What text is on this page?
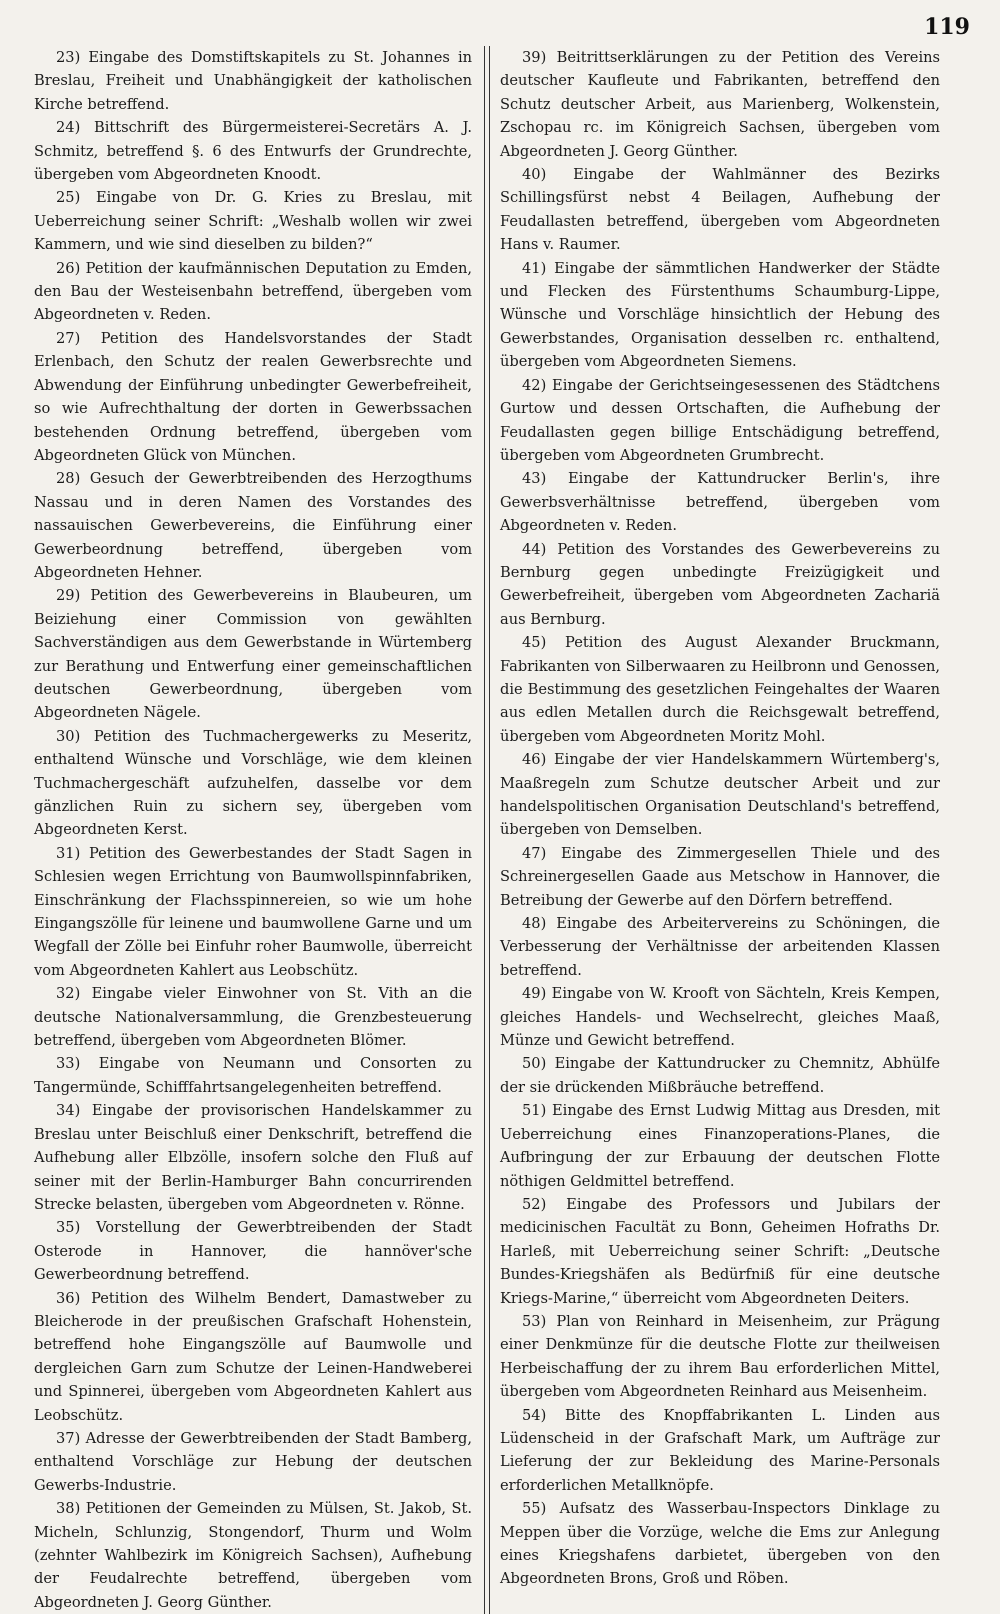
119

23) Eingabe des Domstiftskapitels zu St. Johannes in Breslau, Freiheit und Unabhängigkeit der katholischen Kirche betreffend.

24) Bittschrift des Bürgermeisterei-Secretärs A. J. Schmitz, betreffend §. 6 des Entwurfs der Grundrechte, übergeben vom Abgeordneten Knoodt.

25) Eingabe von Dr. G. Kries zu Breslau, mit Ueberreichung seiner Schrift: „Weshalb wollen wir zwei Kammern, und wie sind dieselben zu bilden?“

26) Petition der kaufmännischen Deputation zu Emden, den Bau der Westeisenbahn betreffend, übergeben vom Abgeordneten v. Reden.

27) Petition des Handelsvorstandes der Stadt Erlenbach, den Schutz der realen Gewerbsrechte und Abwendung der Einführung unbedingter Gewerbefreiheit, so wie Aufrechthaltung der dorten in Gewerbssachen bestehenden Ordnung betreffend, übergeben vom Abgeordneten Glück von München.

28) Gesuch der Gewerbtreibenden des Herzogthums Nassau und in deren Namen des Vorstandes des nassauischen Gewerbevereins, die Einführung einer Gewerbeordnung betreffend, übergeben vom Abgeordneten Hehner.

29) Petition des Gewerbevereins in Blaubeuren, um Beiziehung einer Commission von gewählten Sachverständigen aus dem Gewerbstande in Würtemberg zur Berathung und Entwerfung einer gemeinschaftlichen deutschen Gewerbeordnung, übergeben vom Abgeordneten Nägele.

30) Petition des Tuchmachergewerks zu Meseritz, enthaltend Wünsche und Vorschläge, wie dem kleinen Tuchmachergeschäft aufzuhelfen, dasselbe vor dem gänzlichen Ruin zu sichern sey, übergeben vom Abgeordneten Kerst.

31) Petition des Gewerbestandes der Stadt Sagen in Schlesien wegen Errichtung von Baumwollspinnfabriken, Einschränkung der Flachsspinnereien, so wie um hohe Eingangszölle für leinene und baumwollene Garne und um Wegfall der Zölle bei Einfuhr roher Baumwolle, überreicht vom Abgeordneten Kahlert aus Leobschütz.

32) Eingabe vieler Einwohner von St. Vith an die deutsche Nationalversammlung, die Grenzbesteuerung betreffend, übergeben vom Abgeordneten Blömer.

33) Eingabe von Neumann und Consorten zu Tangermünde, Schifffahrtsangelegenheiten betreffend.

34) Eingabe der provisorischen Handelskammer zu Breslau unter Beischluß einer Denkschrift, betreffend die Aufhebung aller Elbzölle, insofern solche den Fluß auf seiner mit der Berlin-Hamburger Bahn concurrirenden Strecke belasten, übergeben vom Abgeordneten v. Rönne.

35) Vorstellung der Gewerbtreibenden der Stadt Osterode in Hannover, die hannöver'sche Gewerbeordnung betreffend.

36) Petition des Wilhelm Bendert, Damastweber zu Bleicherode in der preußischen Grafschaft Hohenstein, betreffend hohe Eingangszölle auf Baumwolle und dergleichen Garn zum Schutze der Leinen-Handweberei und Spinnerei, übergeben vom Abgeordneten Kahlert aus Leobschütz.

37) Adresse der Gewerbtreibenden der Stadt Bamberg, enthaltend Vorschläge zur Hebung der deutschen Gewerbs-Industrie.

38) Petitionen der Gemeinden zu Mülsen, St. Jakob, St. Micheln, Schlunzig, Stongendorf, Thurm und Wolm (zehnter Wahlbezirk im Königreich Sachsen), Aufhebung der Feudalrechte betreffend, übergeben vom Abgeordneten J. Georg Günther.

39) Beitrittserklärungen zu der Petition des Vereins deutscher Kaufleute und Fabrikanten, betreffend den Schutz deutscher Arbeit, aus Marienberg, Wolkenstein, Zschopau rc. im Königreich Sachsen, übergeben vom Abgeordneten J. Georg Günther.

40) Eingabe der Wahlmänner des Bezirks Schillingsfürst nebst 4 Beilagen, Aufhebung der Feudallasten betreffend, übergeben vom Abgeordneten Hans v. Raumer.

41) Eingabe der sämmtlichen Handwerker der Städte und Flecken des Fürstenthums Schaumburg-Lippe, Wünsche und Vorschläge hinsichtlich der Hebung des Gewerbstandes, Organisation desselben rc. enthaltend, übergeben vom Abgeordneten Siemens.

42) Eingabe der Gerichtseingesessenen des Städtchens Gurtow und dessen Ortschaften, die Aufhebung der Feudallasten gegen billige Entschädigung betreffend, übergeben vom Abgeordneten Grumbrecht.

43) Eingabe der Kattundrucker Berlin's, ihre Gewerbsverhältnisse betreffend, übergeben vom Abgeordneten v. Reden.

44) Petition des Vorstandes des Gewerbevereins zu Bernburg gegen unbedingte Freizügigkeit und Gewerbefreiheit, übergeben vom Abgeordneten Zachariä aus Bernburg.

45) Petition des August Alexander Bruckmann, Fabrikanten von Silberwaaren zu Heilbronn und Genossen, die Bestimmung des gesetzlichen Feingehaltes der Waaren aus edlen Metallen durch die Reichsgewalt betreffend, übergeben vom Abgeordneten Moritz Mohl.

46) Eingabe der vier Handelskammern Würtemberg's, Maaßregeln zum Schutze deutscher Arbeit und zur handelspolitischen Organisation Deutschland's betreffend, übergeben von Demselben.

47) Eingabe des Zimmergesellen Thiele und des Schreinergesellen Gaade aus Metschow in Hannover, die Betreibung der Gewerbe auf den Dörfern betreffend.

48) Eingabe des Arbeitervereins zu Schöningen, die Verbesserung der Verhältnisse der arbeitenden Klassen betreffend.

49) Eingabe von W. Krooft von Sächteln, Kreis Kempen, gleiches Handels- und Wechselrecht, gleiches Maaß, Münze und Gewicht betreffend.

50) Eingabe der Kattundrucker zu Chemnitz, Abhülfe der sie drückenden Mißbräuche betreffend.

51) Eingabe des Ernst Ludwig Mittag aus Dresden, mit Ueberreichung eines Finanzoperations-Planes, die Aufbringung der zur Erbauung der deutschen Flotte nöthigen Geldmittel betreffend.

52) Eingabe des Professors und Jubilars der medicinischen Facultät zu Bonn, Geheimen Hofraths Dr. Harleß, mit Ueberreichung seiner Schrift: „Deutsche Bundes-Kriegshäfen als Bedürfniß für eine deutsche Kriegs-Marine,“ überreicht vom Abgeordneten Deiters.

53) Plan von Reinhard in Meisenheim, zur Prägung einer Denkmünze für die deutsche Flotte zur theilweisen Herbeischaffung der zu ihrem Bau erforderlichen Mittel, übergeben vom Abgeordneten Reinhard aus Meisenheim.

54) Bitte des Knopffabrikanten L. Linden aus Lüdenscheid in der Grafschaft Mark, um Aufträge zur Lieferung der zur Bekleidung des Marine-Personals erforderlichen Metallknöpfe.

55) Aufsatz des Wasserbau-Inspectors Dinklage zu Meppen über die Vorzüge, welche die Ems zur Anlegung eines Kriegshafens darbietet, übergeben von den Abgeordneten Brons, Groß und Röben.
